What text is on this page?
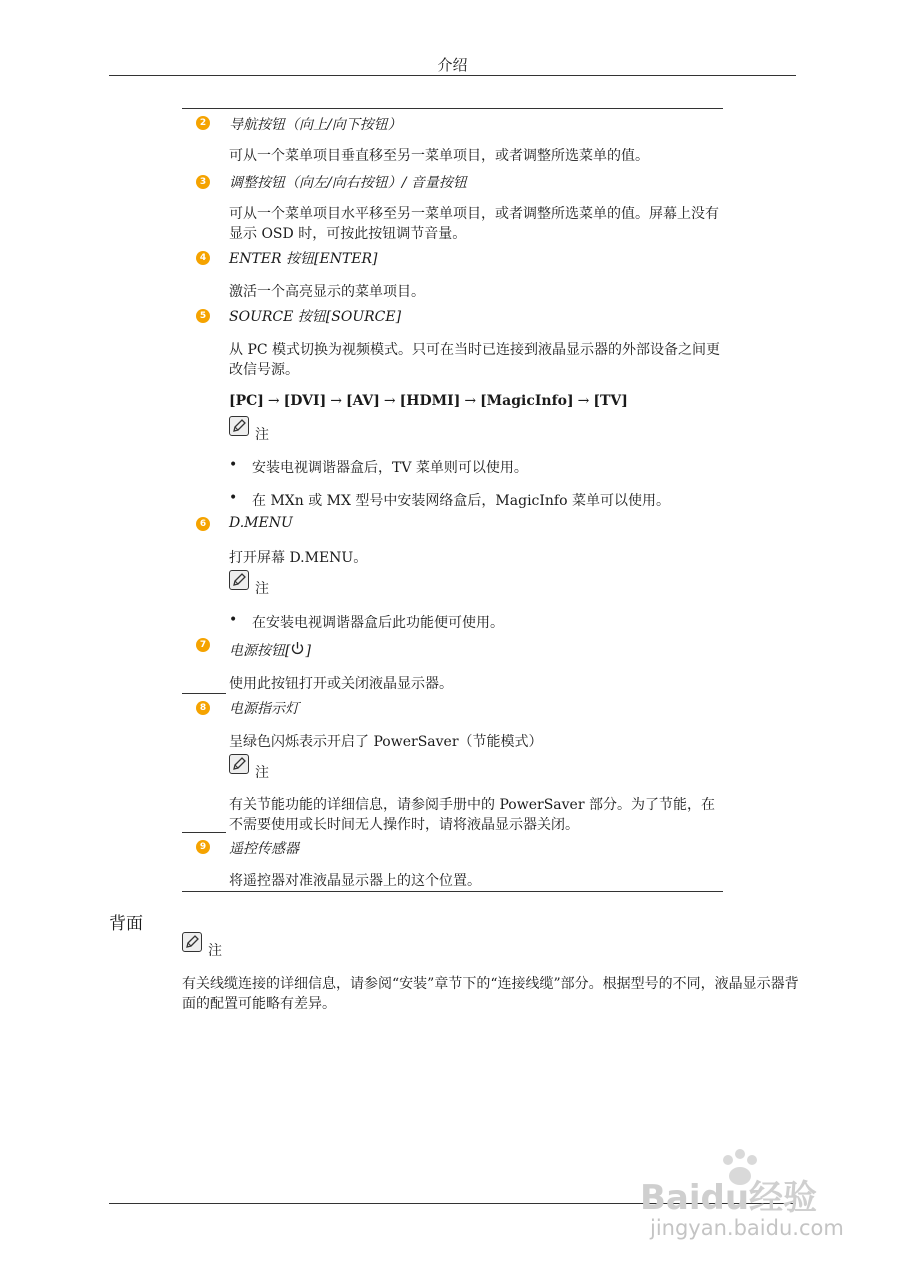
介绍
2 导航按钮（向上/向下按钮）
可从一个菜单项目垂直移至另一菜单项目，或者调整所选菜单的值。
3 调整按钮（向左/向右按钮）/ 音量按钮
可从一个菜单项目水平移至另一菜单项目，或者调整所选菜单的值。屏幕上没有显示 OSD 时，可按此按钮调节音量。
4 ENTER 按钮[ENTER]
激活一个高亮显示的菜单项目。
5 SOURCE 按钮[SOURCE]
从 PC 模式切换为视频模式。只可在当时已连接到液晶显示器的外部设备之间更改信号源。
[PC] → [DVI] → [AV] → [HDMI] → [MagicInfo] → [TV]
注
• 安装电视调谐器盒后，TV 菜单则可以使用。
• 在 MXn 或 MX 型号中安装网络盒后，MagicInfo 菜单可以使用。
6 D.MENU
打开屏幕 D.MENU。
注
• 在安装电视调谐器盒后此功能便可使用。
7 电源按钮[ ]
使用此按钮打开或关闭液晶显示器。
8 电源指示灯
呈绿色闪烁表示开启了 PowerSaver（节能模式）
注
有关节能功能的详细信息，请参阅手册中的 PowerSaver 部分。为了节能，在不需要使用或长时间无人操作时，请将液晶显示器关闭。
9 遥控传感器
将遥控器对准液晶显示器上的这个位置。
背面
注
有关线缆连接的详细信息，请参阅“安装”章节下的“连接线缆”部分。根据型号的不同，液晶显示器背面的配置可能略有差异。
Baidu经验
jingyan.baidu.com
